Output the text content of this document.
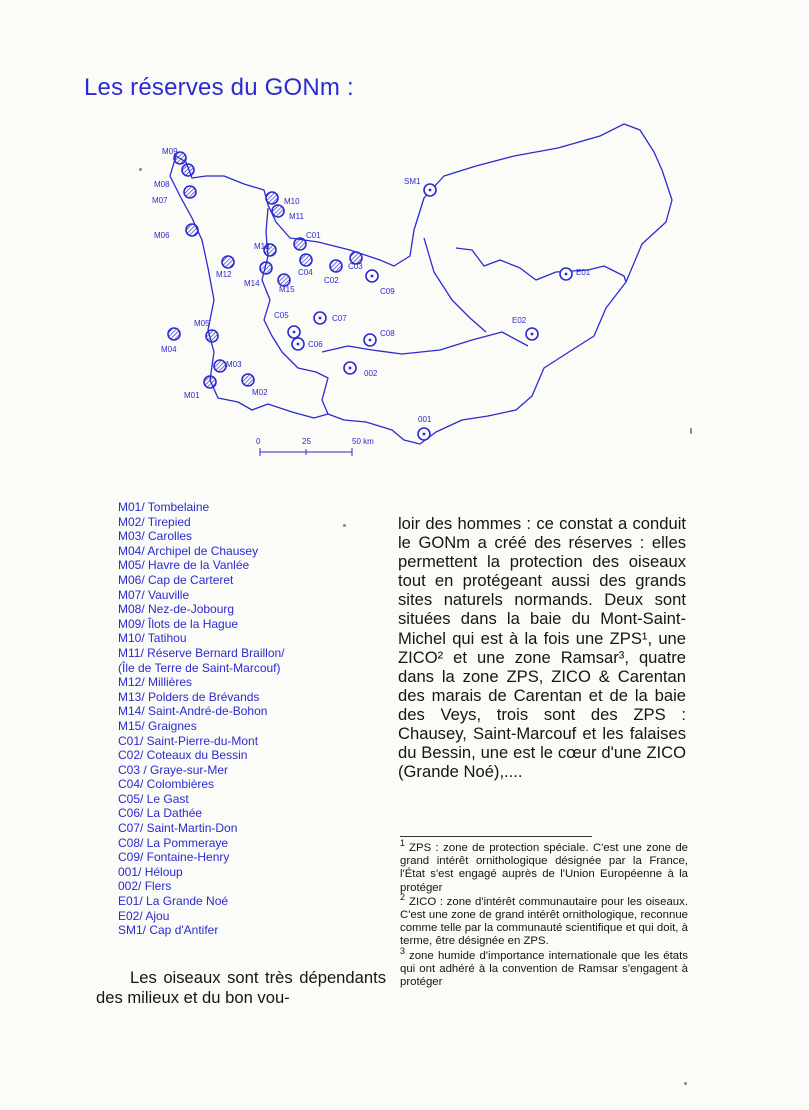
Les réserves du GONm :
0	25	50 km
M09
M08
M07
M06
M10
M11
M13
M12
M14
M15
M05
M04
M03
M01	M02
C01
C02
C03
C04
C05
C06
C07
C08
C09
002
001
SM1
E01
E02
M01/ Tombelaine
M02/ Tirepied
M03/ Carolles
M04/ Archipel de Chausey
M05/ Havre de la Vanlée
M06/ Cap de Carteret
M07/ Vauville
M08/ Nez-de-Jobourg
M09/ Îlots de la Hague
M10/ Tatihou
M11/ Réserve Bernard Braillon/
(Île de Terre de Saint-Marcouf)
M12/ Millières
M13/ Polders de Brévands
M14/ Saint-André-de-Bohon
M15/ Graignes
C01/ Saint-Pierre-du-Mont
C02/ Coteaux du Bessin
C03 / Graye-sur-Mer
C04/ Colombières
C05/ Le Gast
C06/ La Dathée
C07/ Saint-Martin-Don
C08/ La Pommeraye
C09/ Fontaine-Henry
001/ Héloup
002/ Flers
E01/ La Grande Noé
E02/ Ajou
SM1/ Cap d'Antifer

loir des hommes : ce constat a conduit le GONm a créé des réserves : elles permettent la protection des oiseaux tout en protégeant aussi des grands sites naturels normands. Deux sont situées dans la baie du Mont-Saint-Michel qui est à la fois une ZPS¹, une ZICO² et une zone Ramsar³, quatre dans la zone ZPS, ZICO & Carentan des marais de Carentan et de la baie des Veys, trois sont des ZPS : Chausey, Saint-Marcouf et les falaises du Bessin, une est le cœur d'une ZICO (Grande Noé),....

Les oiseaux sont très dépendants des milieux et du bon vou-

$^1$ ZPS : zone de protection spéciale. C'est une zone de grand intérêt ornithologique désignée par la France, l'État s'est engagé auprès de l'Union Européenne à la protéger

$^2$ ZICO : zone d'intérêt communautaire pour les oiseaux. C'est une zone de grand intérêt ornithologique, reconnue comme telle par la communauté scientifique et qui doit, à terme, être désignée en ZPS.

$^3$ zone humide d'importance internationale que les états qui ont adhéré à la convention de Ramsar s'engagent à protéger
